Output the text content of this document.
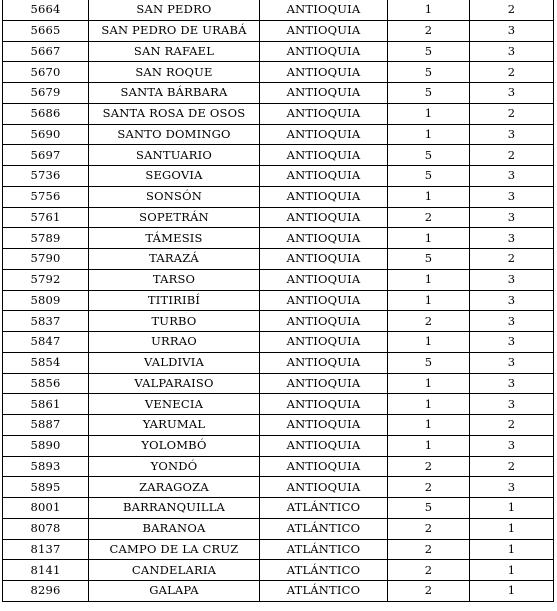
5664	SAN PEDRO	ANTIOQUIA	1	2
5665	SAN PEDRO DE URABÁ	ANTIOQUIA	2	3
5667	SAN RAFAEL	ANTIOQUIA	5	3
5670	SAN ROQUE	ANTIOQUIA	5	2
5679	SANTA BÁRBARA	ANTIOQUIA	5	3
5686	SANTA ROSA DE OSOS	ANTIOQUIA	1	2
5690	SANTO DOMINGO	ANTIOQUIA	1	3
5697	SANTUARIO	ANTIOQUIA	5	2
5736	SEGOVIA	ANTIOQUIA	5	3
5756	SONSÓN	ANTIOQUIA	1	3
5761	SOPETRÁN	ANTIOQUIA	2	3
5789	TÁMESIS	ANTIOQUIA	1	3
5790	TARAZÁ	ANTIOQUIA	5	2
5792	TARSO	ANTIOQUIA	1	3
5809	TITIRIBÍ	ANTIOQUIA	1	3
5837	TURBO	ANTIOQUIA	2	3
5847	URRAO	ANTIOQUIA	1	3
5854	VALDIVIA	ANTIOQUIA	5	3
5856	VALPARAISO	ANTIOQUIA	1	3
5861	VENECIA	ANTIOQUIA	1	3
5887	YARUMAL	ANTIOQUIA	1	2
5890	YOLOMBÓ	ANTIOQUIA	1	3
5893	YONDÓ	ANTIOQUIA	2	2
5895	ZARAGOZA	ANTIOQUIA	2	3
8001	BARRANQUILLA	ATLÁNTICO	5	1
8078	BARANOA	ATLÁNTICO	2	1
8137	CAMPO DE LA CRUZ	ATLÁNTICO	2	1
8141	CANDELARIA	ATLÁNTICO	2	1
8296	GALAPA	ATLÁNTICO	2	1
